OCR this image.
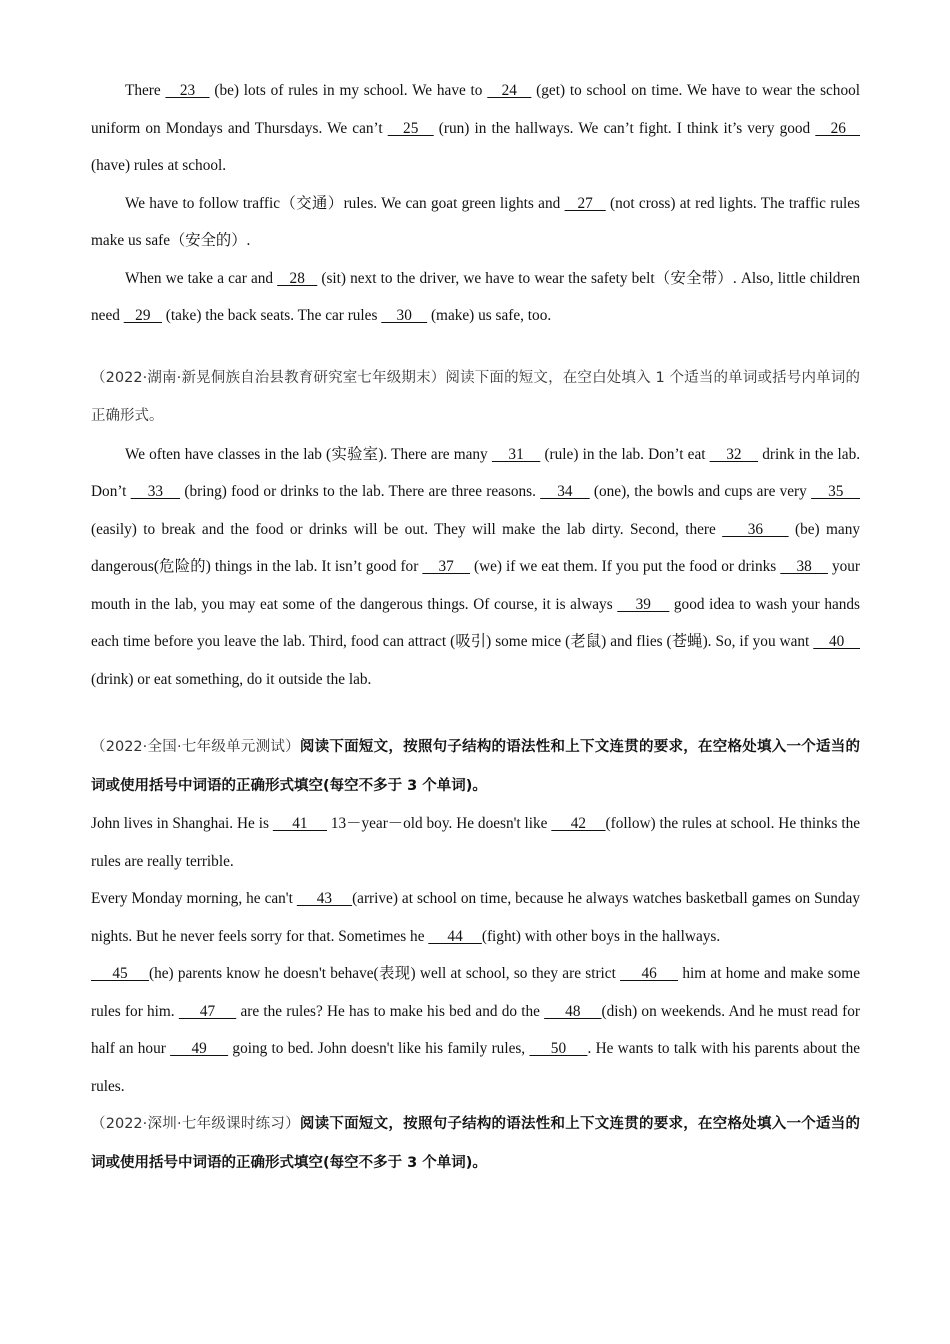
There    23    (be) lots of rules in my school. We have to    24    (get) to school on time. We have to wear the school uniform on Mondays and Thursdays. We can’t    25    (run) in the hallways. We can’t fight. I think it’s very good    26    (have) rules at school.

We have to follow traffic（交通）rules. We can goat green lights and    27    (not cross) at red lights. The traffic rules make us safe（安全的）.

When we take a car and    28    (sit) next to the driver, we have to wear the safety belt（安全带）. Also, little children need    29    (take) the back seats. The car rules     30     (make) us safe, too.

（2022·湖南·新晃侗族自治县教育研究室七年级期末）阅读下面的短文，在空白处填入 1 个适当的单词或括号内单词的正确形式。

We often have classes in the lab (实验室). There are many     31     (rule) in the lab. Don’t eat     32     drink in the lab. Don’t     33     (bring) food or drinks to the lab. There are three reasons.     34     (one), the bowls and cups are very     35     (easily) to break and the food or drinks will be out. They will make the lab dirty. Second, there     36     (be) many dangerous(危险的) things in the lab. It isn’t good for     37     (we) if we eat them. If you put the food or drinks     38     your mouth in the lab, you may eat some of the dangerous things. Of course, it is always     39     good idea to wash your hands each time before you leave the lab. Third, food can attract (吸引) some mice (老鼠) and flies (苍蝇). So, if you want     40     (drink) or eat something, do it outside the lab.

（2022·全国·七年级单元测试）阅读下面短文，按照句子结构的语法性和上下文连贯的要求，在空格处填入一个适当的词或使用括号中词语的正确形式填空(每空不多于 3 个单词)。

John lives in Shanghai. He is      41      13－year－old boy. He doesn't like      42     (follow) the rules at school. He thinks the rules are really terrible.

Every Monday morning, he can't      43     (arrive) at school on time, because he always watches basketball games on Sunday nights. But he never feels sorry for that. Sometimes he      44     (fight) with other boys in the hallways.

45     (he) parents know he doesn't behave(表现) well at school, so they are strict      46      him at home and make some rules for him.      47      are the rules? He has to make his bed and do the      48     (dish) on weekends. And he must read for half an hour      49      going to bed. John doesn't like his family rules,      50     . He wants to talk with his parents about the rules.

（2022·深圳·七年级课时练习）阅读下面短文，按照句子结构的语法性和上下文连贯的要求，在空格处填入一个适当的词或使用括号中词语的正确形式填空(每空不多于 3 个单词)。
